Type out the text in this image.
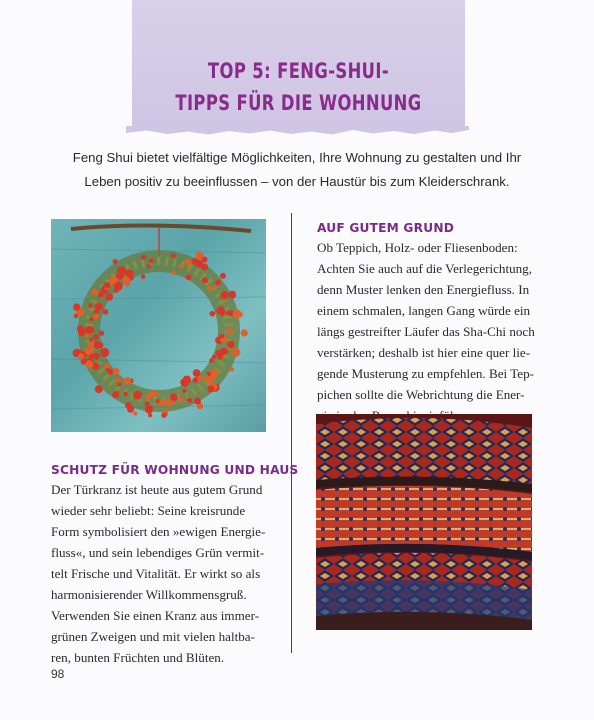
TOP 5: FENG-SHUI-
TIPPS FÜR DIE WOHNUNG
Feng Shui bietet vielfältige Möglichkeiten, Ihre Wohnung zu gestalten und Ihr
Leben positiv zu beeinflussen – von der Haustür bis zum Kleiderschrank.
AUF GUTEM GRUND
Ob Teppich, Holz- oder Fliesenboden:
Achten Sie auch auf die Verlegerichtung,
denn Muster lenken den Energiefluss. In
einem schmalen, langen Gang würde ein
längs gestreifter Läufer das Sha-Chi noch
verstärken; deshalb ist hier eine quer lie-
gende Musterung zu empfehlen. Bei Tep-
pichen sollte die Webrichtung die Ener-
SCHUTZ FÜR WOHNUNG UND HAUS
Der Türkranz ist heute aus gutem Grund
wieder sehr beliebt: Seine kreisrunde
Form symbolisiert den »ewigen Energie-
fluss«, und sein lebendiges Grün vermit-
telt Frische und Vitalität. Er wirkt so als
harmonisierender Willkommensgruß.
Verwenden Sie einen Kranz aus immer-
grünen Zweigen und mit vielen haltba-
ren, bunten Früchten und Blüten.
98
